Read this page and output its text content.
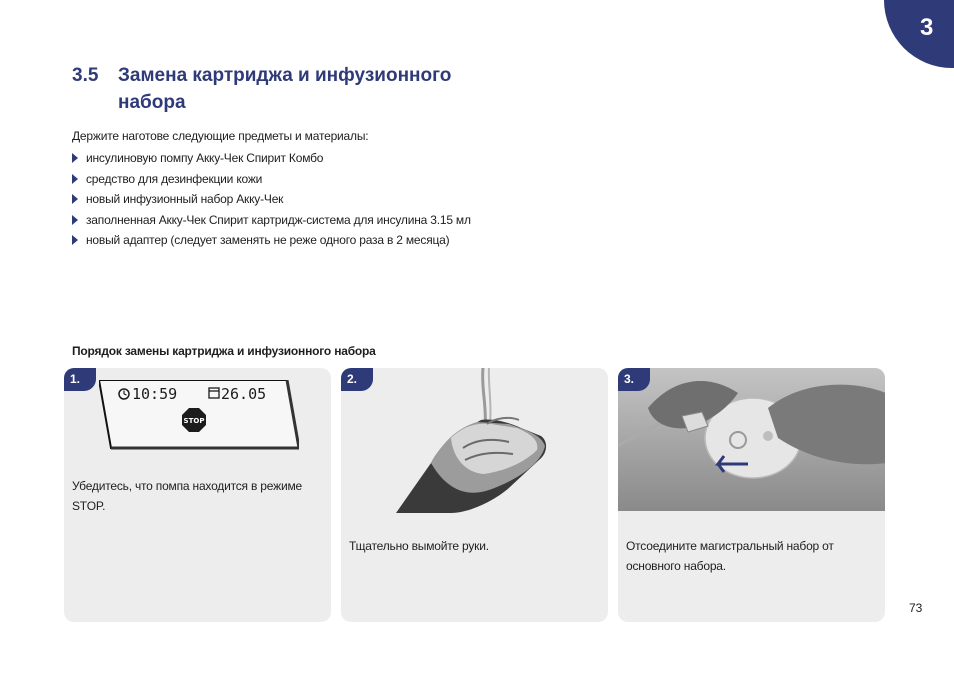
3
3.5 Замена картриджа и инфузионного набора
Держите наготове следующие предметы и материалы:
инсулиновую помпу Акку-Чек Спирит Комбо
средство для дезинфекции кожи
новый инфузионный набор Акку-Чек
заполненная Акку-Чек Спирит картридж-система для инсулина 3.15 мл
новый адаптер (следует заменять не реже одного раза в 2 месяца)
Порядок замены картриджа и инфузионного набора
10:59	26.05
STOP
1.
Убедитесь, что помпа находится в режиме STOP.
2.
Тщательно вымойте руки.
3.
Отсоедините магистральный набор от основного набора.
73
